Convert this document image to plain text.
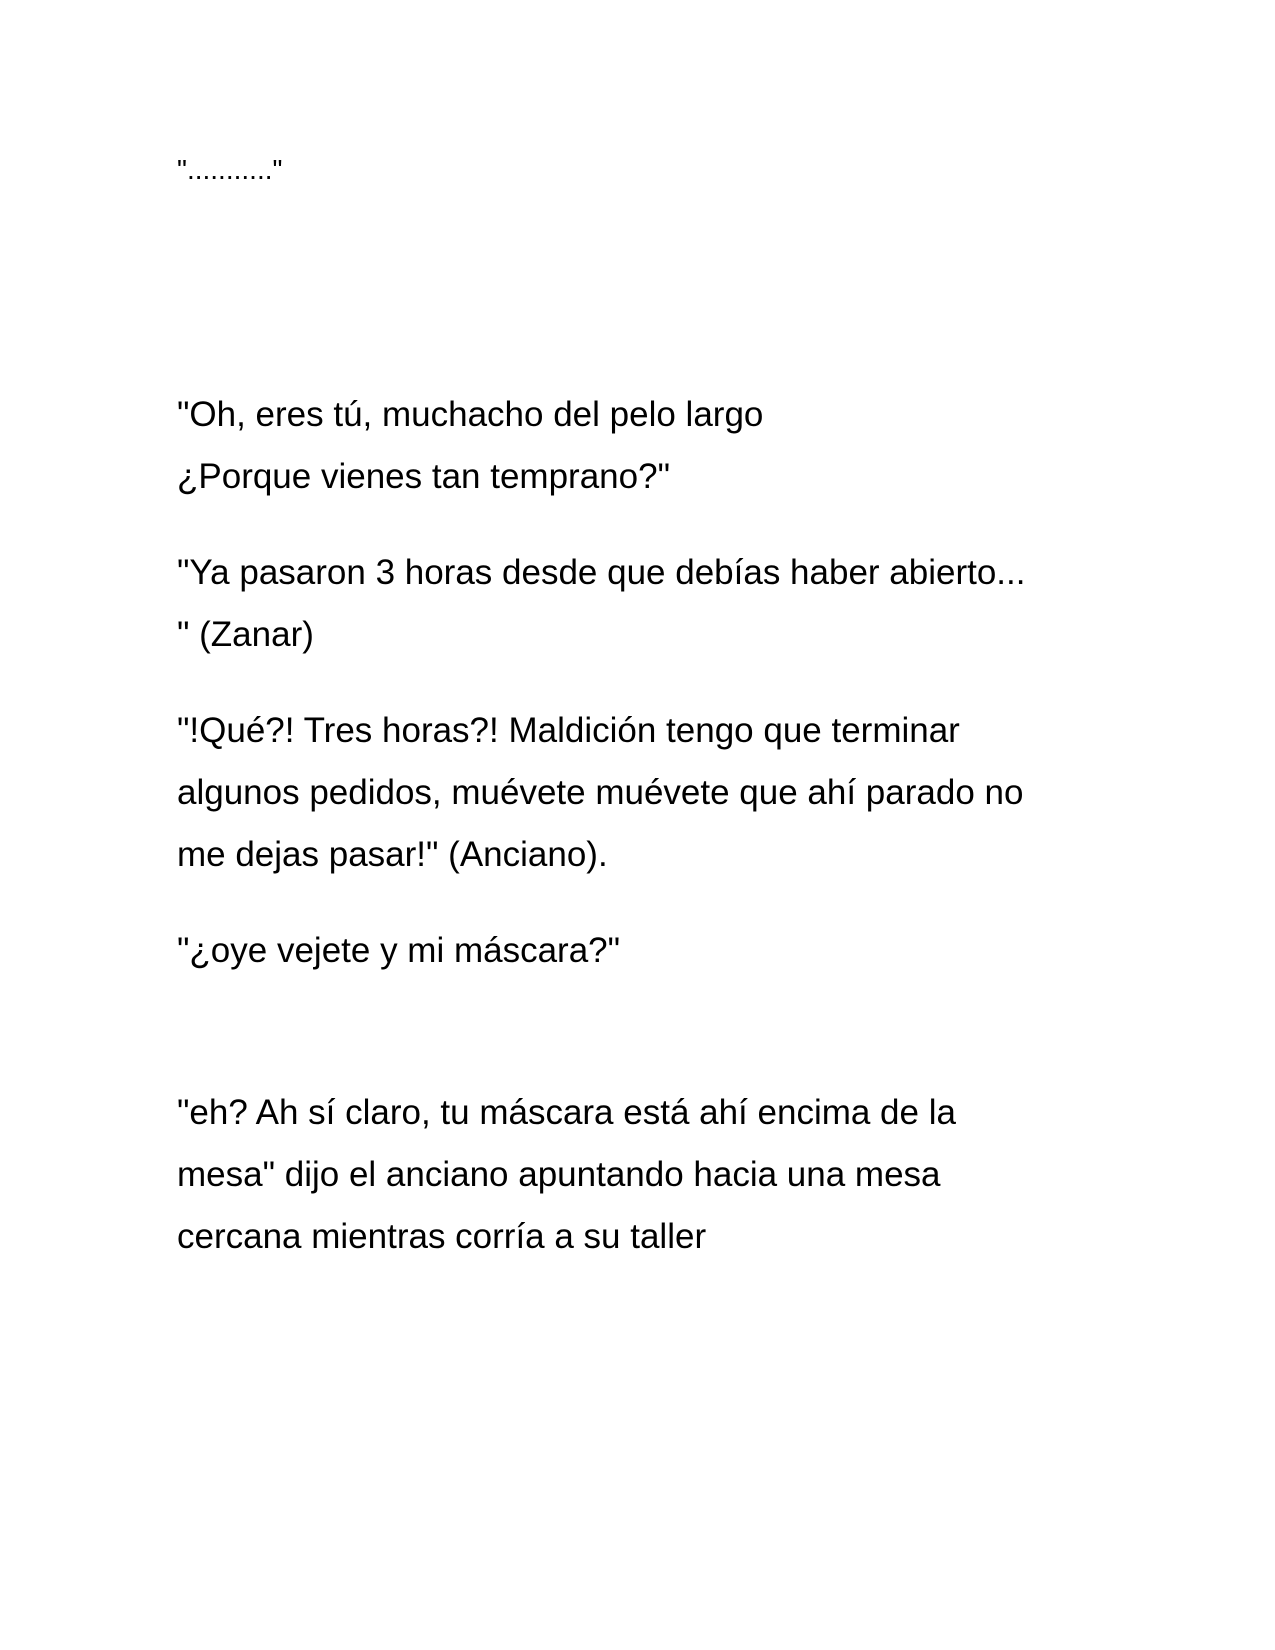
"..........."
"Oh, eres tú, muchacho del pelo largo
¿Porque vienes tan temprano?"
"Ya pasaron 3 horas desde que debías haber abierto...
" (Zanar)
"!Qué?! Tres horas?! Maldición tengo que terminar
algunos pedidos, muévete muévete que ahí parado no
me dejas pasar!" (Anciano).
"¿oye vejete y mi máscara?"
"eh? Ah sí claro, tu máscara está ahí encima de la
mesa" dijo el anciano apuntando hacia una mesa
cercana mientras corría a su taller
